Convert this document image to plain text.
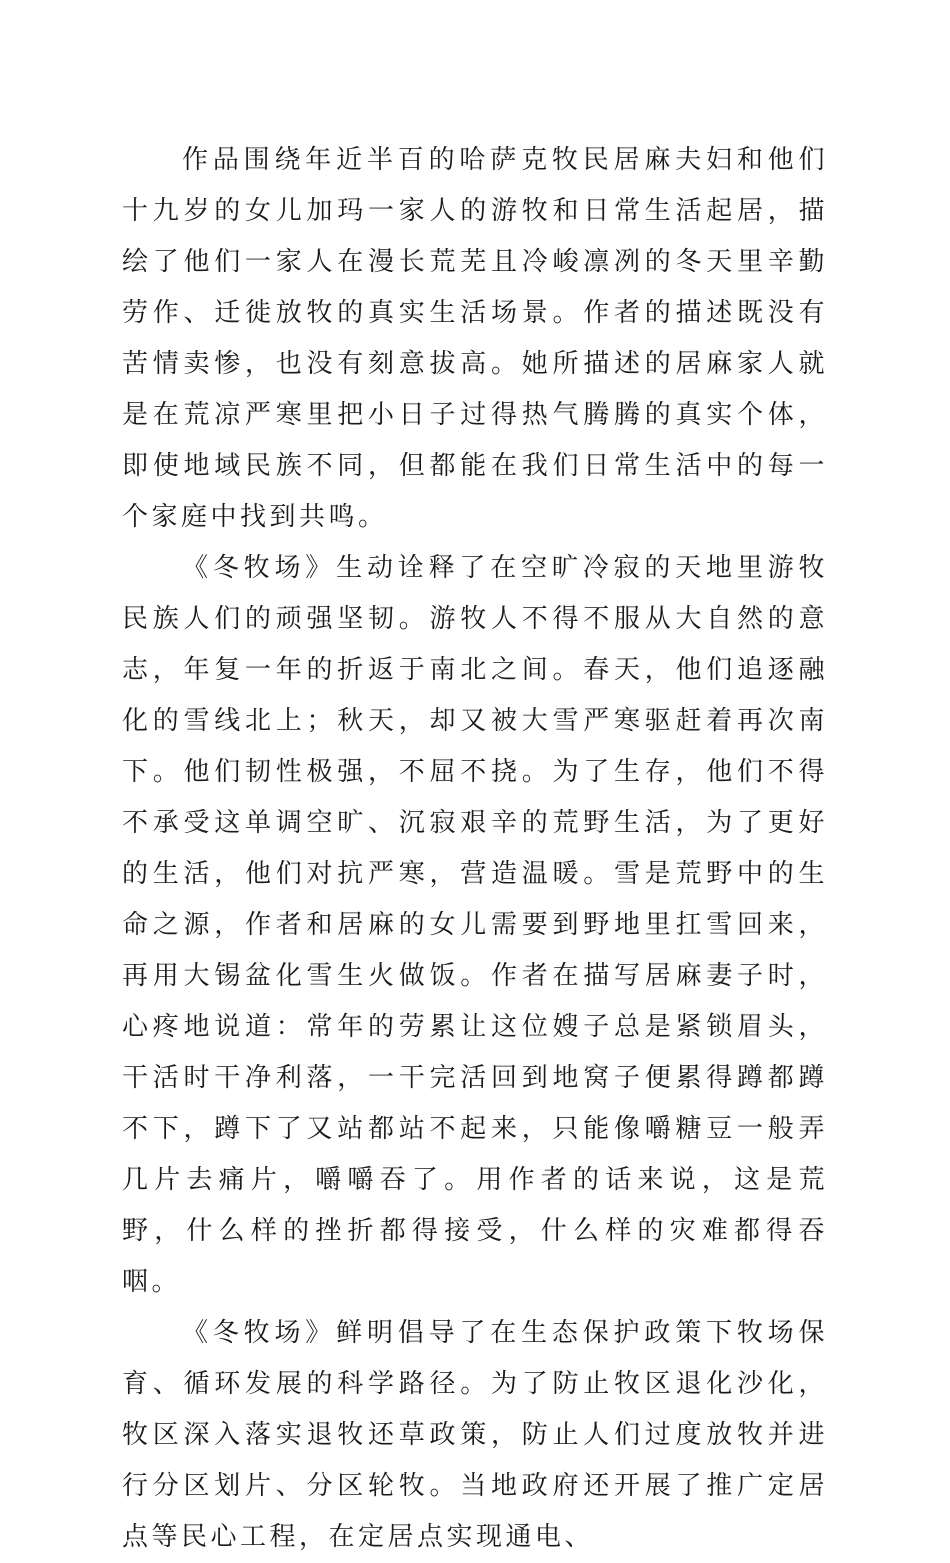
作品围绕年近半百的哈萨克牧民居麻夫妇和他们十九岁的女儿加玛一家人的游牧和日常生活起居，描绘了他们一家人在漫长荒芜且冷峻凛冽的冬天里辛勤劳作、迁徙放牧的真实生活场景。作者的描述既没有苦情卖惨，也没有刻意拔高。她所描述的居麻家人就是在荒凉严寒里把小日子过得热气腾腾的真实个体，即使地域民族不同，但都能在我们日常生活中的每一个家庭中找到共鸣。

《冬牧场》生动诠释了在空旷冷寂的天地里游牧民族人们的顽强坚韧。游牧人不得不服从大自然的意志，年复一年的折返于南北之间。春天，他们追逐融化的雪线北上；秋天，却又被大雪严寒驱赶着再次南下。他们韧性极强，不屈不挠。为了生存，他们不得不承受这单调空旷、沉寂艰辛的荒野生活，为了更好的生活，他们对抗严寒，营造温暖。雪是荒野中的生命之源，作者和居麻的女儿需要到野地里扛雪回来，再用大锡盆化雪生火做饭。作者在描写居麻妻子时，心疼地说道：常年的劳累让这位嫂子总是紧锁眉头，干活时干净利落，一干完活回到地窝子便累得蹲都蹲不下，蹲下了又站都站不起来，只能像嚼糖豆一般弄几片去痛片，嚼嚼吞了。用作者的话来说，这是荒野，什么样的挫折都得接受，什么样的灾难都得吞咽。

《冬牧场》鲜明倡导了在生态保护政策下牧场保育、循环发展的科学路径。为了防止牧区退化沙化，牧区深入落实退牧还草政策，防止人们过度放牧并进行分区划片、分区轮牧。当地政府还开展了推广定居点等民心工程，在定居点实现通电、
